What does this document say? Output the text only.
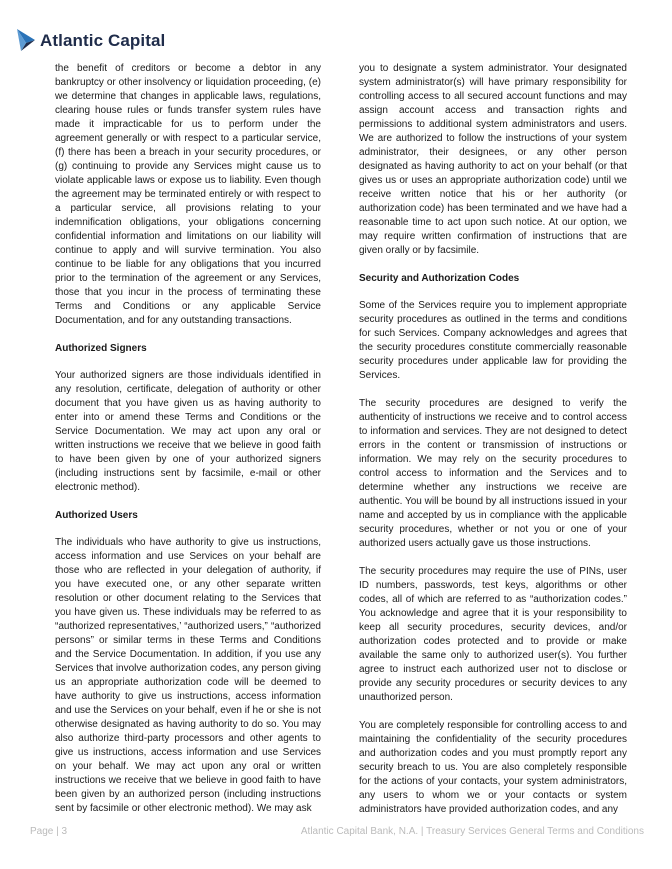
Atlantic Capital

the benefit of creditors or become a debtor in any bankruptcy or other insolvency or liquidation proceeding, (e) we determine that changes in applicable laws, regulations, clearing house rules or funds transfer system rules have made it impracticable for us to perform under the agreement generally or with respect to a particular service, (f) there has been a breach in your security procedures, or (g) continuing to provide any Services might cause us to violate applicable laws or expose us to liability. Even though the agreement may be terminated entirely or with respect to a particular service, all provisions relating to your indemnification obligations, your obligations concerning confidential information and limitations on our liability will continue to apply and will survive termination. You also continue to be liable for any obligations that you incurred prior to the termination of the agreement or any Services, those that you incur in the process of terminating these Terms and Conditions or any applicable Service Documentation, and for any outstanding transactions.

Authorized Signers

Your authorized signers are those individuals identified in any resolution, certificate, delegation of authority or other document that you have given us as having authority to enter into or amend these Terms and Conditions or the Service Documentation. We may act upon any oral or written instructions we receive that we believe in good faith to have been given by one of your authorized signers (including instructions sent by facsimile, e-mail or other electronic method).

Authorized Users

The individuals who have authority to give us instructions, access information and use Services on your behalf are those who are reflected in your delegation of authority, if you have executed one, or any other separate written resolution or other document relating to the Services that you have given us. These individuals may be referred to as “authorized representatives,’ “authorized users,” “authorized persons” or similar terms in these Terms and Conditions and the Service Documentation. In addition, if you use any Services that involve authorization codes, any person giving us an appropriate authorization code will be deemed to have authority to give us instructions, access information and use the Services on your behalf, even if he or she is not otherwise designated as having authority to do so. You may also authorize third-party processors and other agents to give us instructions, access information and use Services on your behalf. We may act upon any oral or written instructions we receive that we believe in good faith to have been given by an authorized person (including instructions sent by facsimile or other electronic method). We may ask

you to designate a system administrator. Your designated system administrator(s) will have primary responsibility for controlling access to all secured account functions and may assign account access and transaction rights and permissions to additional system administrators and users. We are authorized to follow the instructions of your system administrator, their designees, or any other person designated as having authority to act on your behalf (or that gives us or uses an appropriate authorization code) until we receive written notice that his or her authority (or authorization code) has been terminated and we have had a reasonable time to act upon such notice. At our option, we may require written confirmation of instructions that are given orally or by facsimile.

Security and Authorization Codes

Some of the Services require you to implement appropriate security procedures as outlined in the terms and conditions for such Services. Company acknowledges and agrees that the security procedures constitute commercially reasonable security procedures under applicable law for providing the Services.

The security procedures are designed to verify the authenticity of instructions we receive and to control access to information and services. They are not designed to detect errors in the content or transmission of instructions or information. We may rely on the security procedures to control access to information and the Services and to determine whether any instructions we receive are authentic. You will be bound by all instructions issued in your name and accepted by us in compliance with the applicable security procedures, whether or not you or one of your authorized users actually gave us those instructions.

The security procedures may require the use of PINs, user ID numbers, passwords, test keys, algorithms or other codes, all of which are referred to as “authorization codes.” You acknowledge and agree that it is your responsibility to keep all security procedures, security devices, and/or authorization codes protected and to provide or make available the same only to authorized user(s). You further agree to instruct each authorized user not to disclose or provide any security procedures or security devices to any unauthorized person.

You are completely responsible for controlling access to and maintaining the confidentiality of the security procedures and authorization codes and you must promptly report any security breach to us. You are also completely responsible for the actions of your contacts, your system administrators, any users to whom we or your contacts or system administrators have provided authorization codes, and any

Page | 3	Atlantic Capital Bank, N.A. | Treasury Services General Terms and Conditions
